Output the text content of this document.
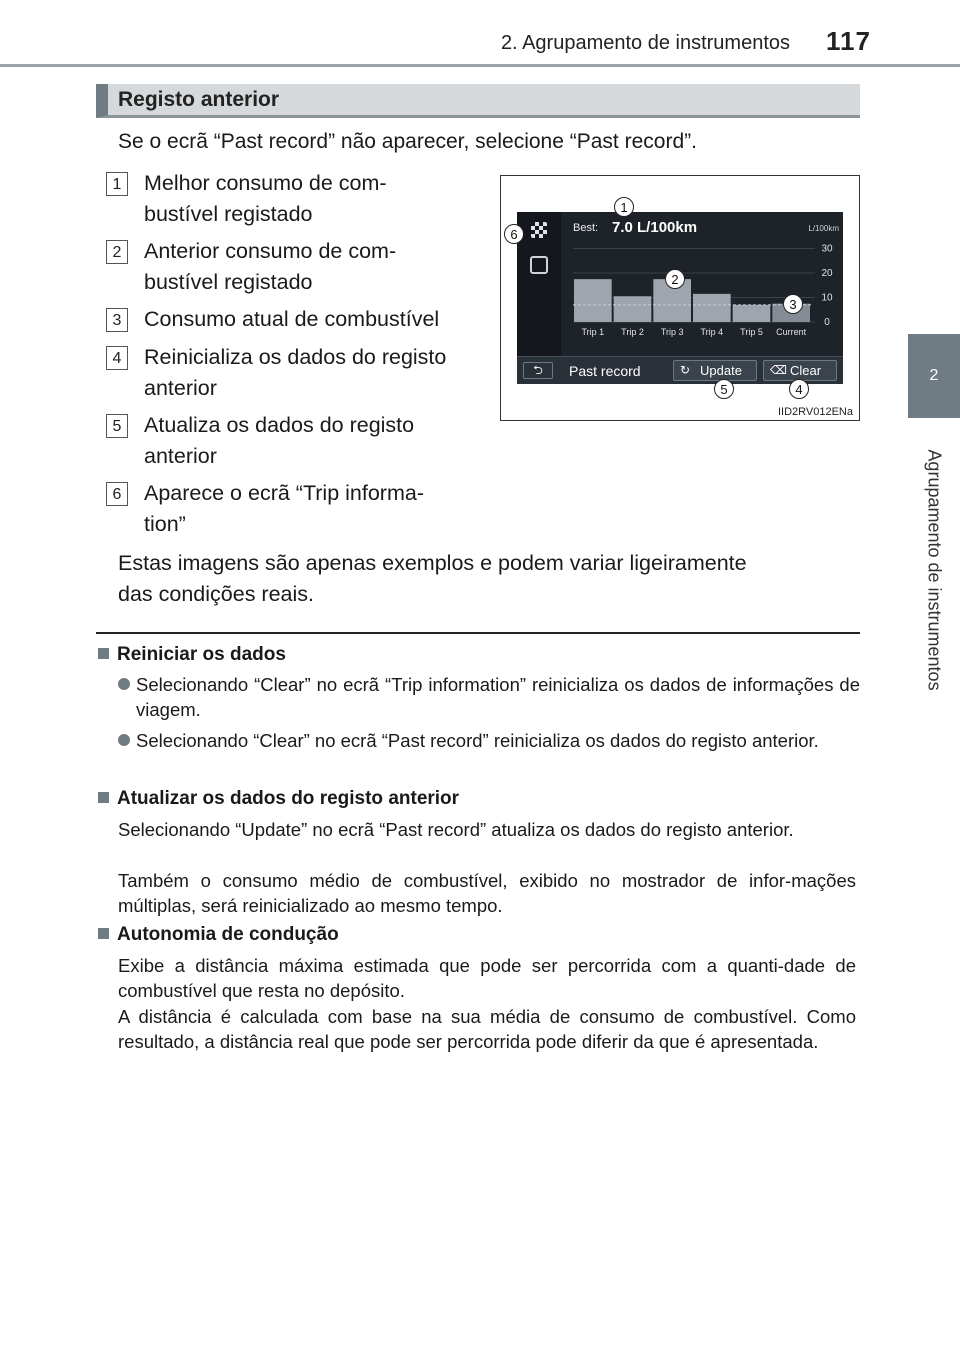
2. Agrupamento de instrumentos 117
2
Agrupamento de instrumentos
Registo anterior
Se o ecrã “Past record” não aparecer, selecione “Past record”.
1	Melhor consumo de com-
bustível registado
2	Anterior consumo de com-
bustível registado
3	Consumo atual de combustível
4	Reinicializa os dados do registo
anterior
5	Atualiza os dados do registo
anterior
6	Aparece o ecrã “Trip informa-
tion”
Estas imagens são apenas exemplos e podem variar ligeiramente
das condições reais.
0
10
20
30
Trip 1 Trip 2 Trip 3 Trip 4 Trip 5 Current
Best: 7.0 L/100km	L/100km
⮌	Past record	↻ Update ⌫ Clear
1
2
3
4
5
6
IID2RV012ENa
Reiniciar os dados
Selecionando “Clear” no ecrã “Trip information” reinicializa os dados de informações de viagem.
Selecionando “Clear” no ecrã “Past record” reinicializa os dados do registo anterior.
Atualizar os dados do registo anterior
Selecionando “Update” no ecrã “Past record” atualiza os dados do registo anterior.
Também o consumo médio de combustível, exibido no mostrador de infor-mações múltiplas, será reinicializado ao mesmo tempo.
Autonomia de condução
Exibe a distância máxima estimada que pode ser percorrida com a quanti-dade de combustível que resta no depósito.
A distância é calculada com base na sua média de consumo de combustível. Como resultado, a distância real que pode ser percorrida pode diferir da que é apresentada.
